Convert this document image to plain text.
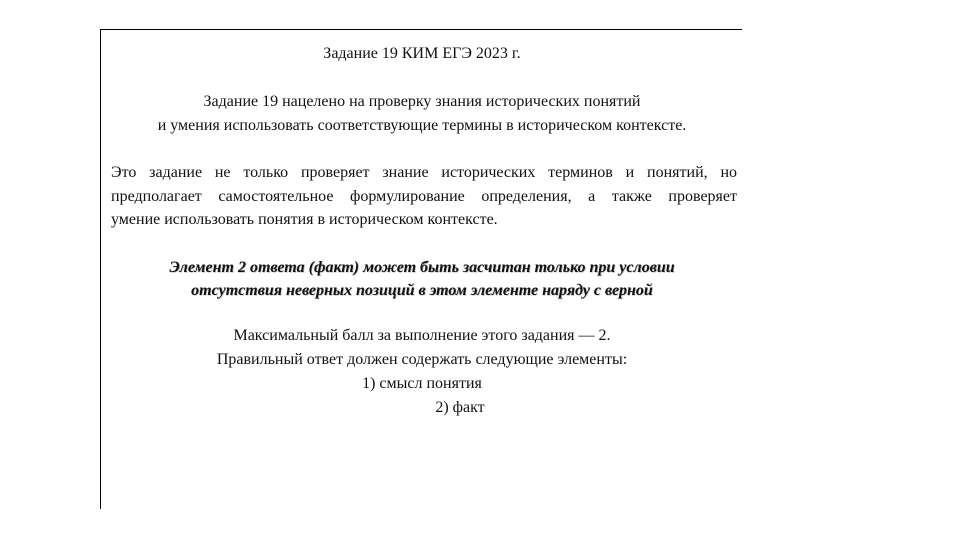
Задание 19 КИМ ЕГЭ 2023 г.
Задание 19 нацелено на проверку знания исторических понятий
и умения использовать соответствующие термины в историческом контексте.
Это задание не только проверяет знание исторических терминов и понятий, но
предполагает самостоятельное формулирование определения, а также проверяет
умение использовать понятия в историческом контексте.
Элемент 2 ответа (факт) может быть засчитан только при условии
отсутствия неверных позиций в этом элементе наряду с верной
Максимальный балл за выполнение этого задания — 2.
Правильный ответ должен содержать следующие элементы:
1) смысл понятия
2) факт
